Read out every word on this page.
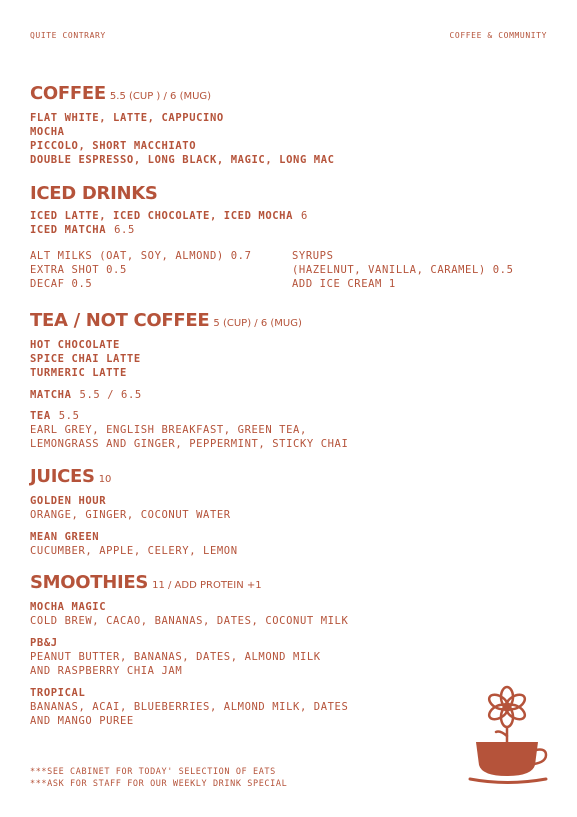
QUITE CONTRARY	COFFEE & COMMUNITY
COFFEE 5.5 (CUP ) / 6 (MUG)
FLAT WHITE, LATTE, CAPPUCINO
MOCHA
PICCOLO, SHORT MACCHIATO
DOUBLE ESPRESSO, LONG BLACK, MAGIC, LONG MAC
ICED DRINKS
ICED LATTE, ICED CHOCOLATE, ICED MOCHA 6
ICED MATCHA 6.5
ALT MILKS (OAT, SOY, ALMOND) 0.7
EXTRA SHOT 0.5
DECAF 0.5
SYRUPS
(HAZELNUT, VANILLA, CARAMEL) 0.5
ADD ICE CREAM 1
TEA / NOT COFFEE 5 (CUP) / 6 (MUG)
HOT CHOCOLATE
SPICE CHAI LATTE
TURMERIC LATTE
MATCHA 5.5 / 6.5
TEA 5.5
EARL GREY, ENGLISH BREAKFAST, GREEN TEA,
LEMONGRASS AND GINGER, PEPPERMINT, STICKY CHAI
JUICES 10
GOLDEN HOUR
ORANGE, GINGER, COCONUT WATER
MEAN GREEN
CUCUMBER, APPLE, CELERY, LEMON
SMOOTHIES 11 / ADD PROTEIN +1
MOCHA MAGIC
COLD BREW, CACAO, BANANAS, DATES, COCONUT MILK
PB&J
PEANUT BUTTER, BANANAS, DATES, ALMOND MILK
AND RASPBERRY CHIA JAM
TROPICAL
BANANAS, ACAI, BLUEBERRIES, ALMOND MILK, DATES
AND MANGO PUREE
***SEE CABINET FOR TODAY' SELECTION OF EATS
***ASK FOR STAFF FOR OUR WEEKLY DRINK SPECIAL
